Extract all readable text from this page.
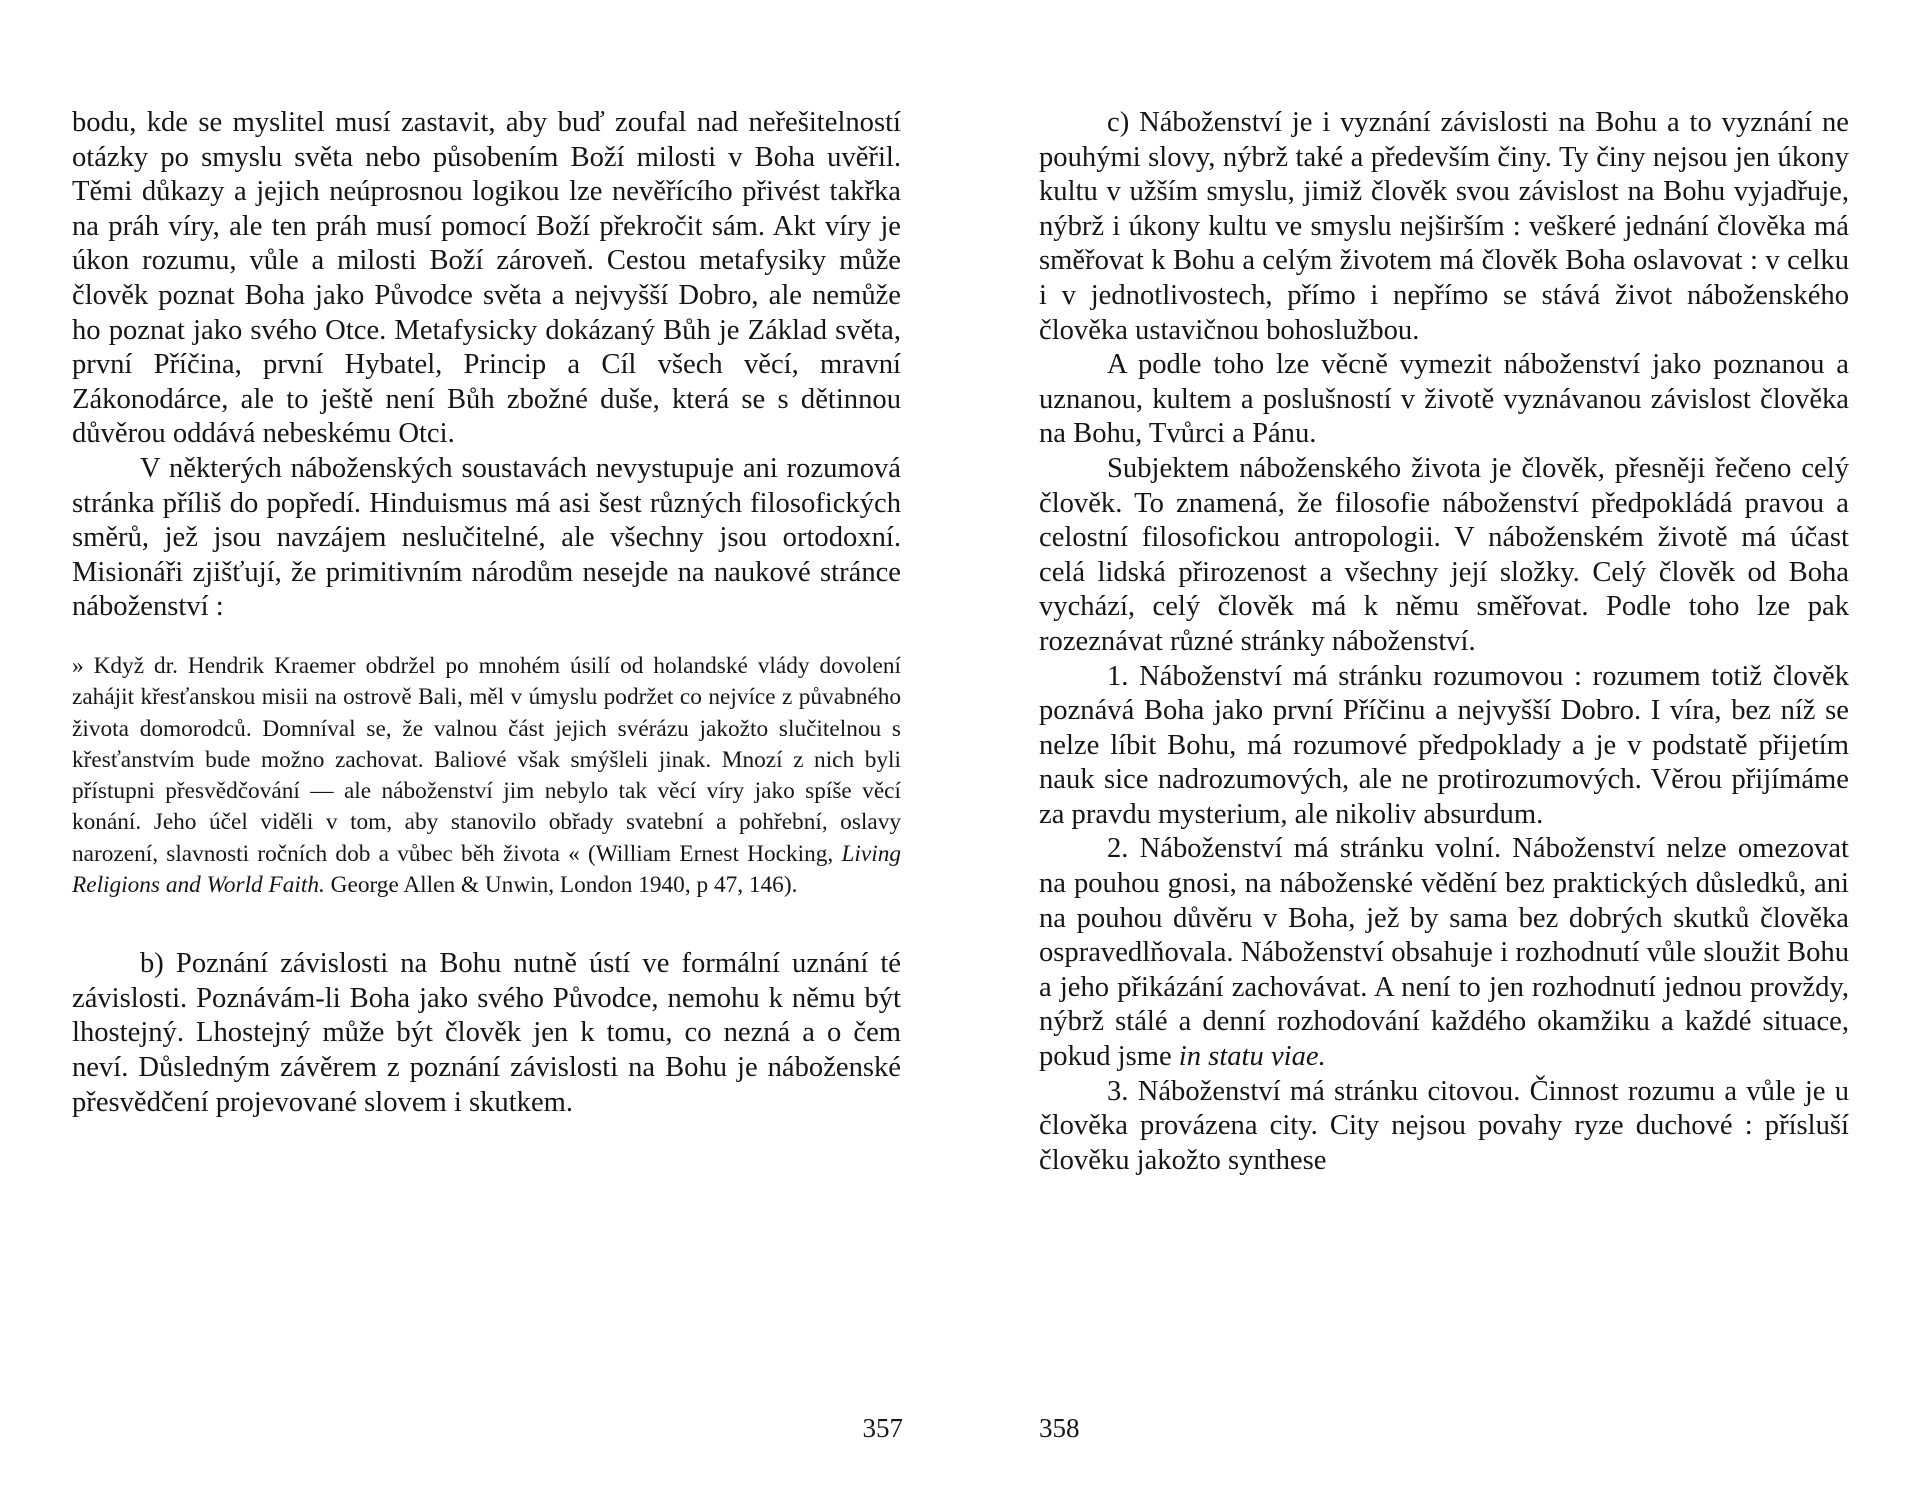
bodu, kde se myslitel musí zastavit, aby buď zoufal nad neřešitelností otázky po smyslu světa nebo působením Boží milosti v Boha uvěřil. Těmi důkazy a jejich neúprosnou logikou lze nevěřícího přivést takřka na práh víry, ale ten práh musí pomocí Boží překročit sám. Akt víry je úkon rozumu, vůle a milosti Boží zároveň. Cestou metafysiky může člověk poznat Boha jako Původce světa a nejvyšší Dobro, ale nemůže ho poznat jako svého Otce. Metafysicky dokázaný Bůh je Základ světa, první Příčina, první Hybatel, Princip a Cíl všech věcí, mravní Zákonodárce, ale to ještě není Bůh zbožné duše, která se s dětinnou důvěrou oddává nebeskému Otci.

V některých náboženských soustavách nevystupuje ani rozumová stránka příliš do popředí. Hinduismus má asi šest různých filosofických směrů, jež jsou navzájem neslučitelné, ale všechny jsou ortodoxní. Misionáři zjišťují, že primitivním národům nesejde na naukové stránce náboženství :

» Když dr. Hendrik Kraemer obdržel po mnohém úsilí od holandské vlády dovolení zahájit křesťanskou misii na ostrově Bali, měl v úmyslu podržet co nejvíce z půvabného života domorodců. Domníval se, že valnou část jejich svérázu jakožto slučitelnou s křesťanstvím bude možno zachovat. Baliové však smýšleli jinak. Mnozí z nich byli přístupni přesvědčování — ale náboženství jim nebylo tak věcí víry jako spíše věcí konání. Jeho účel viděli v tom, aby stanovilo obřady svatební a pohřební, oslavy narození, slavnosti ročních dob a vůbec běh života « (William Ernest Hocking, Living Religions and World Faith. George Allen & Unwin, London 1940, p 47, 146).

b) Poznání závislosti na Bohu nutně ústí ve formální uznání té závislosti. Poznávám-li Boha jako svého Původce, nemohu k němu být lhostejný. Lhostejný může být člověk jen k tomu, co nezná a o čem neví. Důsledným závěrem z poznání závislosti na Bohu je náboženské přesvědčení projevované slovem i skutkem.

357

c) Náboženství je i vyznání závislosti na Bohu a to vyznání ne pouhými slovy, nýbrž také a především činy. Ty činy nejsou jen úkony kultu v užším smyslu, jimiž člověk svou závislost na Bohu vyjadřuje, nýbrž i úkony kultu ve smyslu nejširším : veškeré jednání člověka má směřovat k Bohu a celým životem má člověk Boha oslavovat : v celku i v jednotlivostech, přímo i nepřímo se stává život náboženského člověka ustavičnou bohoslužbou.

A podle toho lze věcně vymezit náboženství jako poznanou a uznanou, kultem a poslušností v životě vyznávanou závislost člověka na Bohu, Tvůrci a Pánu.

Subjektem náboženského života je člověk, přesněji řečeno celý člověk. To znamená, že filosofie náboženství předpokládá pravou a celostní filosofickou antropologii. V náboženském životě má účast celá lidská přirozenost a všechny její složky. Celý člověk od Boha vychází, celý člověk má k němu směřovat. Podle toho lze pak rozeznávat různé stránky náboženství.

1. Náboženství má stránku rozumovou : rozumem totiž člověk poznává Boha jako první Příčinu a nejvyšší Dobro. I víra, bez níž se nelze líbit Bohu, má rozumové předpoklady a je v podstatě přijetím nauk sice nadrozumových, ale ne protirozumových. Věrou přijímáme za pravdu mysterium, ale nikoliv absurdum.

2. Náboženství má stránku volní. Náboženství nelze omezovat na pouhou gnosi, na náboženské vědění bez praktických důsledků, ani na pouhou důvěru v Boha, jež by sama bez dobrých skutků člověka ospravedlňovala. Náboženství obsahuje i rozhodnutí vůle sloužit Bohu a jeho přikázání zachovávat. A není to jen rozhodnutí jednou provždy, nýbrž stálé a denní rozhodování každého okamžiku a každé situace, pokud jsme in statu viae.

3. Náboženství má stránku citovou. Činnost rozumu a vůle je u člověka provázena city. City nejsou povahy ryze duchové : přísluší člověku jakožto synthese

358
